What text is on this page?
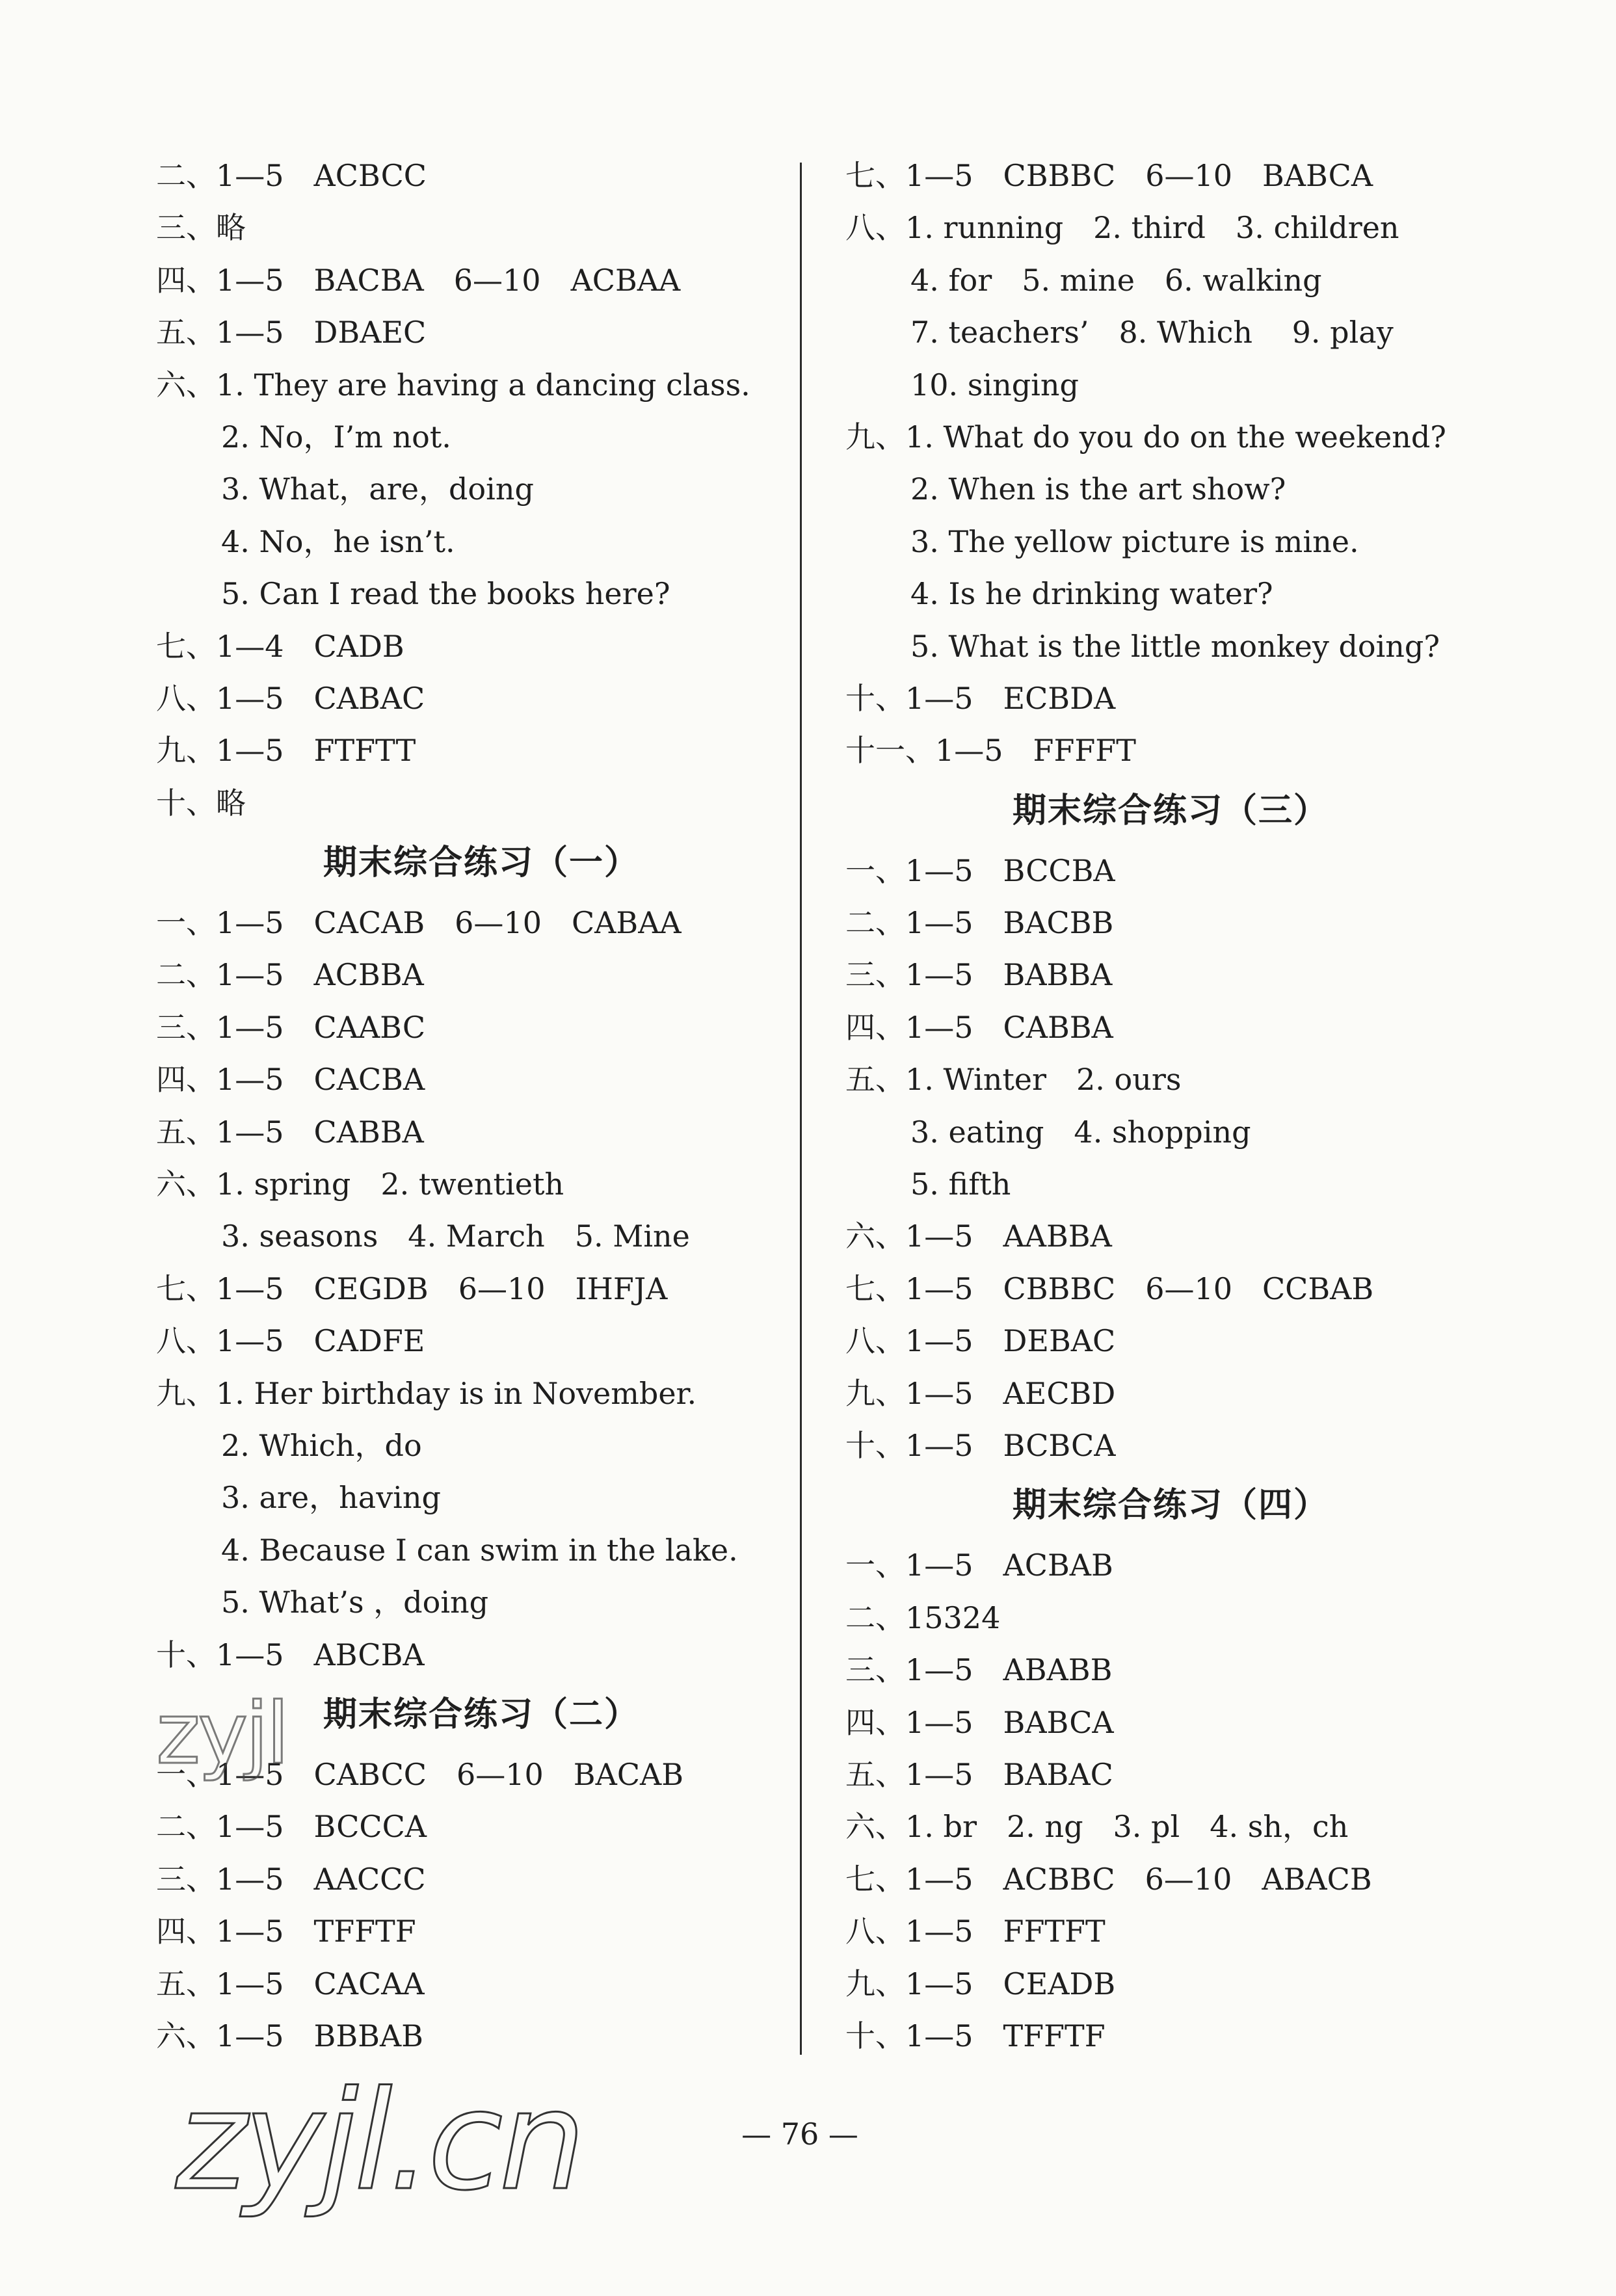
二、1—5　ACBCC
三、略
四、1—5　BACBA　6—10　ACBAA
五、1—5　DBAEC
六、1. They are having a dancing class.
2. No，I’m not.
3. What，are，doing
4. No，he isn’t.
5. Can I read the books here?
七、1—4　CADB
八、1—5　CABAC
九、1—5　FTFTT
十、略
期末综合练习（一）
一、1—5　CACAB　6—10　CABAA
二、1—5　ACBBA
三、1—5　CAABC
四、1—5　CACBA
五、1—5　CABBA
六、1. spring　2. twentieth
3. seasons　4. March　5. Mine
七、1—5　CEGDB　6—10　IHFJA
八、1—5　CADFE
九、1. Her birthday is in November.
2. Which，do
3. are，having
4. Because I can swim in the lake.
5. What’s ，doing
十、1—5　ABCBA
期末综合练习（二）
一、1—5　CABCC　6—10　BACAB
二、1—5　BCCCA
三、1—5　AACCC
四、1—5　TFFTF
五、1—5　CACAA
六、1—5　BBBAB
七、1—5　CBBBC　6—10　BABCA
八、1. running　2. third　3. children
4. for　5. mine　6. walking
7. teachers’　8. Which　 9. play
10. singing
九、1. What do you do on the weekend?
2. When is the art show?
3. The yellow picture is mine.
4. Is he drinking water?
5. What is the little monkey doing?
十、1—5　ECBDA
十一、1—5　FFFFT
期末综合练习（三）
一、1—5　BCCBA
二、1—5　BACBB
三、1—5　BABBA
四、1—5　CABBA
五、1. Winter　2. ours
3. eating　4. shopping
5. fifth
六、1—5　AABBA
七、1—5　CBBBC　6—10　CCBAB
八、1—5　DEBAC
九、1—5　AECBD
十、1—5　BCBCA
期末综合练习（四）
一、1—5　ACBAB
二、15324
三、1—5　ABABB
四、1—5　BABCA
五、1—5　BABAC
六、1. br　2. ng　3. pl　4. sh，ch
七、1—5　ACBBC　6—10　ABACB
八、1—5　FFTFT
九、1—5　CEADB
十、1—5　TFFTF
zyjl
zyjl.cn	— 76 —
